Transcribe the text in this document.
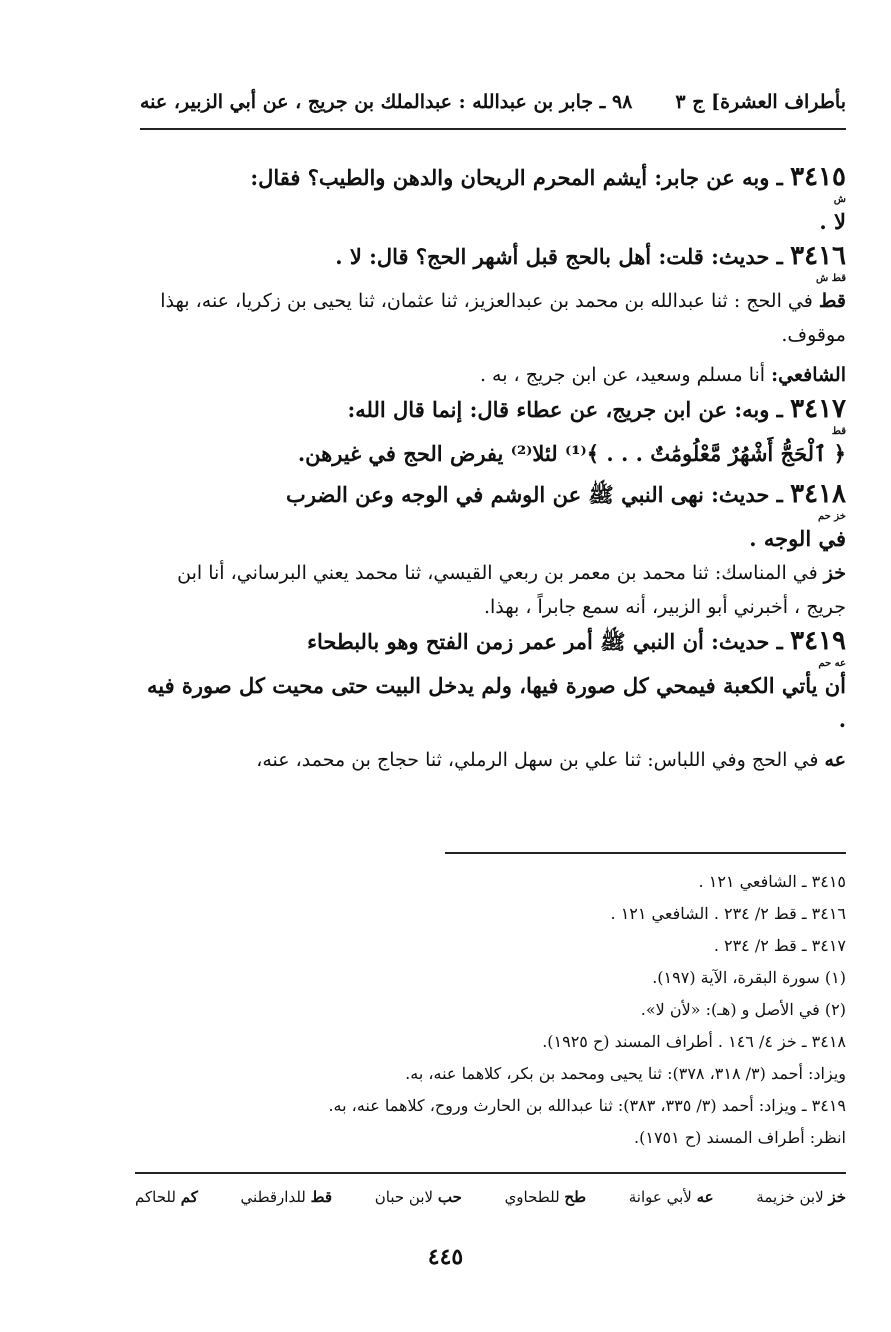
بأطراف العشرة] ج ٣
٩٨ ـ جابر بن عبدالله : عبدالملك بن جريج ، عن أبي الزبير، عنه

٣٤١٥ ـ وبه عن جابر: أيشم المحرم الريحان والدهن والطيب؟ فقال:

ش

لا .

٣٤١٦ ـ حديث: قلت: أهل بالحج قبل أشهر الحج؟ قال: لا .

قط ش

قط في الحج : ثنا عبدالله بن محمد بن عبدالعزيز، ثنا عثمان، ثنا يحيى بن زكريا، عنه، بهذا موقوف.

الشافعي: أنا مسلم وسعيد، عن ابن جريج ، به .

٣٤١٧ ـ وبه: عن ابن جريج، عن عطاء قال: إنما قال الله:

قط

﴿ ٱلْحَجُّ أَشْهُرٌ مَّعْلُومَٰتٌ . . . ﴾⁽¹⁾ لئلا⁽²⁾ يفرض الحج في غيرهن.

٣٤١٨ ـ حديث: نهى النبي ﷺ عن الوشم في الوجه وعن الضرب

خز حم

في الوجه .

خز في المناسك: ثنا محمد بن معمر بن ربعي القيسي، ثنا محمد يعني البرساني، أنا ابن جريج ، أخبرني أبو الزبير، أنه سمع جابراً ، بهذا.

٣٤١٩ ـ حديث: أن النبي ﷺ أمر عمر زمن الفتح وهو بالبطحاء

عه حم

أن يأتي الكعبة فيمحي كل صورة فيها، ولم يدخل البيت حتى محيت كل صورة فيه .

عه في الحج وفي اللباس: ثنا علي بن سهل الرملي، ثنا حجاج بن محمد، عنه،

٣٤١٥ ـ الشافعي ١٢١ .

٣٤١٦ ـ قط ٢/ ٢٣٤ . الشافعي ١٢١ .

٣٤١٧ ـ قط ٢/ ٢٣٤ .

(١) سورة البقرة، الآية (١٩٧).

(٢) في الأصل و (هـ): «لأن لا».

٣٤١٨ ـ خز ٤/ ١٤٦ . أطراف المسند (ح ١٩٢٥).

ويزاد: أحمد (٣/ ٣١٨، ٣٧٨): ثنا يحيى ومحمد بن بكر، كلاهما عنه، به.

٣٤١٩ ـ ويزاد: أحمد (٣/ ٣٣٥، ٣٨٣): ثنا عبدالله بن الحارث وروح، كلاهما عنه، به.

انظر: أطراف المسند (ح ١٧٥١).

خز لابن خزيمة
عه لأبي عوانة
طح للطحاوي
حب لابن حبان
قط للدارقطني
كم للحاكم
٤٤٥
